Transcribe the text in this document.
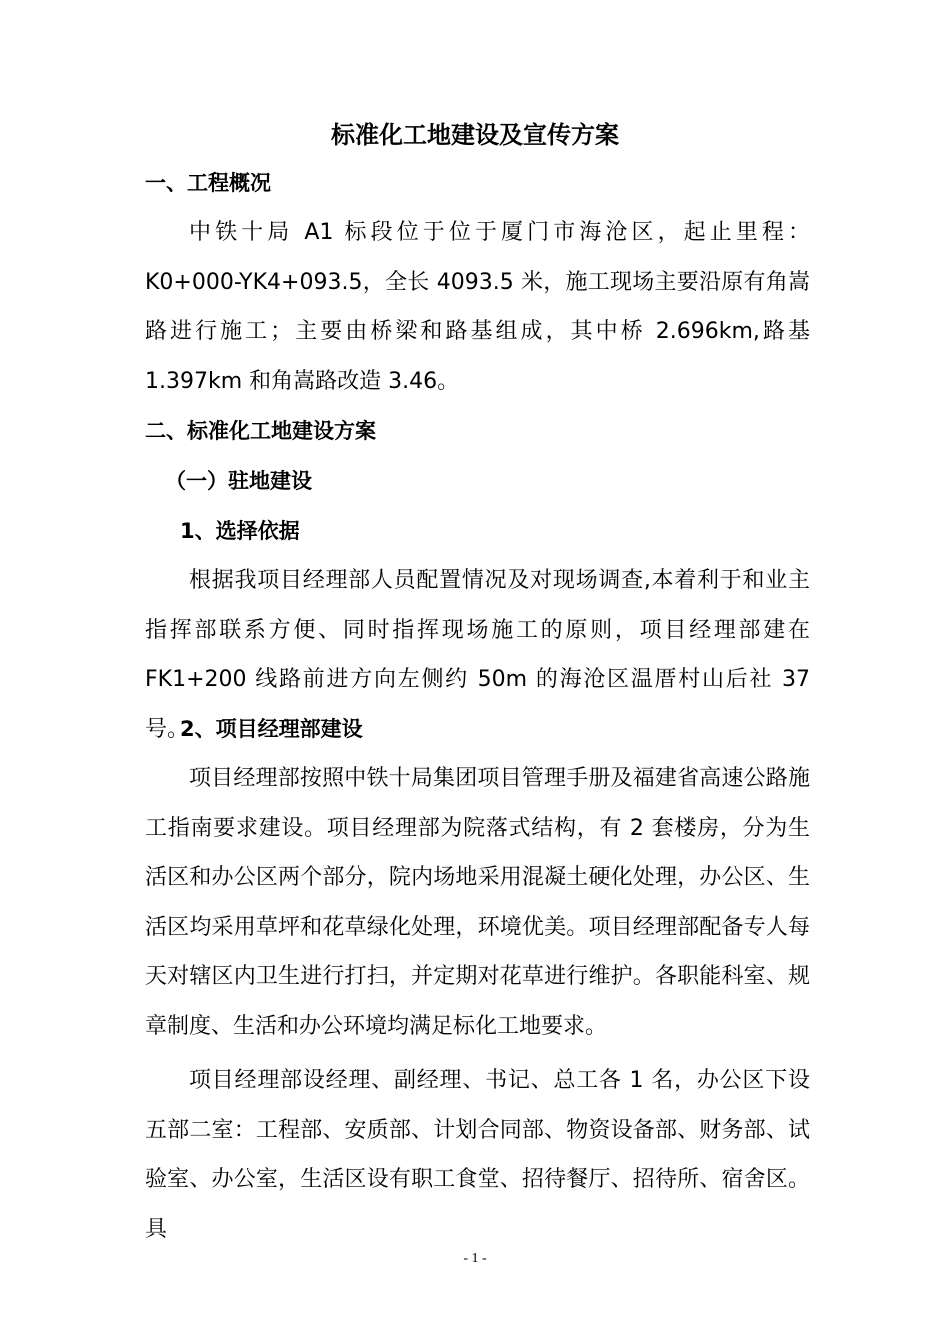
标准化工地建设及宣传方案
一、工程概况

中铁十局 A1 标段位于位于厦门市海沧区，起止里程：K0+000-YK4+093.5，全长 4093.5 米，施工现场主要沿原有角嵩路进行施工；主要由桥梁和路基组成，其中桥 2.696km,路基 1.397km 和角嵩路改造 3.46。

二、标准化工地建设方案
（一）驻地建设
1、选择依据

根据我项目经理部人员配置情况及对现场调查,本着利于和业主指挥部联系方便、同时指挥现场施工的原则，项目经理部建在 FK1+200 线路前进方向左侧约 50m 的海沧区温厝村山后社 37 号。

2、项目经理部建设

项目经理部按照中铁十局集团项目管理手册及福建省高速公路施工指南要求建设。项目经理部为院落式结构，有 2 套楼房，分为生活区和办公区两个部分，院内场地采用混凝土硬化处理，办公区、生活区均采用草坪和花草绿化处理，环境优美。项目经理部配备专人每天对辖区内卫生进行打扫，并定期对花草进行维护。各职能科室、规章制度、生活和办公环境均满足标化工地要求。

项目经理部设经理、副经理、书记、总工各 1 名，办公区下设五部二室：工程部、安质部、计划合同部、物资设备部、财务部、试验室、办公室，生活区设有职工食堂、招待餐厅、招待所、宿舍区。具

- 1 -
